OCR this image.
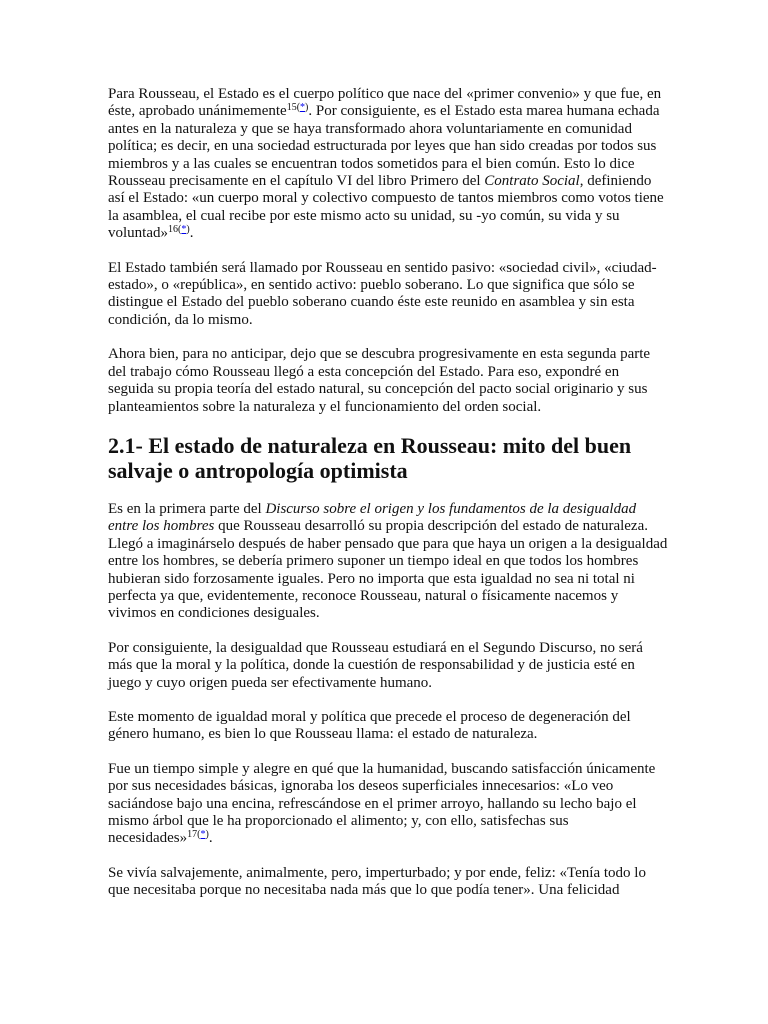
Para Rousseau, el Estado es el cuerpo político que nace del «primer convenio» y que fue, en éste, aprobado unánimemente$^{15(*)}$. Por consiguiente, es el Estado esta marea humana echada antes en la naturaleza y que se haya transformado ahora voluntariamente en comunidad política; es decir, en una sociedad estructurada por leyes que han sido creadas por todos sus miembros y a las cuales se encuentran todos sometidos para el bien común. Esto lo dice Rousseau precisamente en el capítulo VI del libro Primero del Contrato Social, definiendo así el Estado: «un cuerpo moral y colectivo compuesto de tantos miembros como votos tiene la asamblea, el cual recibe por este mismo acto su unidad, su -yo común, su vida y su voluntad»$^{16(*)}$.

El Estado también será llamado por Rousseau en sentido pasivo: «sociedad civil», «ciudad-estado», o «república», en sentido activo: pueblo soberano. Lo que significa que sólo se distingue el Estado del pueblo soberano cuando éste este reunido en asamblea y sin esta condición, da lo mismo.

Ahora bien, para no anticipar, dejo que se descubra progresivamente en esta segunda parte del trabajo cómo Rousseau llegó a esta concepción del Estado. Para eso, expondré en seguida su propia teoría del estado natural, su concepción del pacto social originario y sus planteamientos sobre la naturaleza y el funcionamiento del orden social.

2.1- El estado de naturaleza en Rousseau: mito del buen salvaje o antropología optimista

Es en la primera parte del Discurso sobre el origen y los fundamentos de la desigualdad entre los hombres que Rousseau desarrolló su propia descripción del estado de naturaleza. Llegó a imaginárselo después de haber pensado que para que haya un origen a la desigualdad entre los hombres, se debería primero suponer un tiempo ideal en que todos los hombres hubieran sido forzosamente iguales. Pero no importa que esta igualdad no sea ni total ni perfecta ya que, evidentemente, reconoce Rousseau, natural o físicamente nacemos y vivimos en condiciones desiguales.

Por consiguiente, la desigualdad que Rousseau estudiará en el Segundo Discurso, no será más que la moral y la política, donde la cuestión de responsabilidad y de justicia esté en juego y cuyo origen pueda ser efectivamente humano.

Este momento de igualdad moral y política que precede el proceso de degeneración del género humano, es bien lo que Rousseau llama: el estado de naturaleza.

Fue un tiempo simple y alegre en qué que la humanidad, buscando satisfacción únicamente por sus necesidades básicas, ignoraba los deseos superficiales innecesarios: «Lo veo saciándose bajo una encina, refrescándose en el primer arroyo, hallando su lecho bajo el mismo árbol que le ha proporcionado el alimento; y, con ello, satisfechas sus necesidades»$^{17(*)}$.

Se vivía salvajemente, animalmente, pero, imperturbado; y por ende, feliz: «Tenía todo lo que necesitaba porque no necesitaba nada más que lo que podía tener». Una felicidad
